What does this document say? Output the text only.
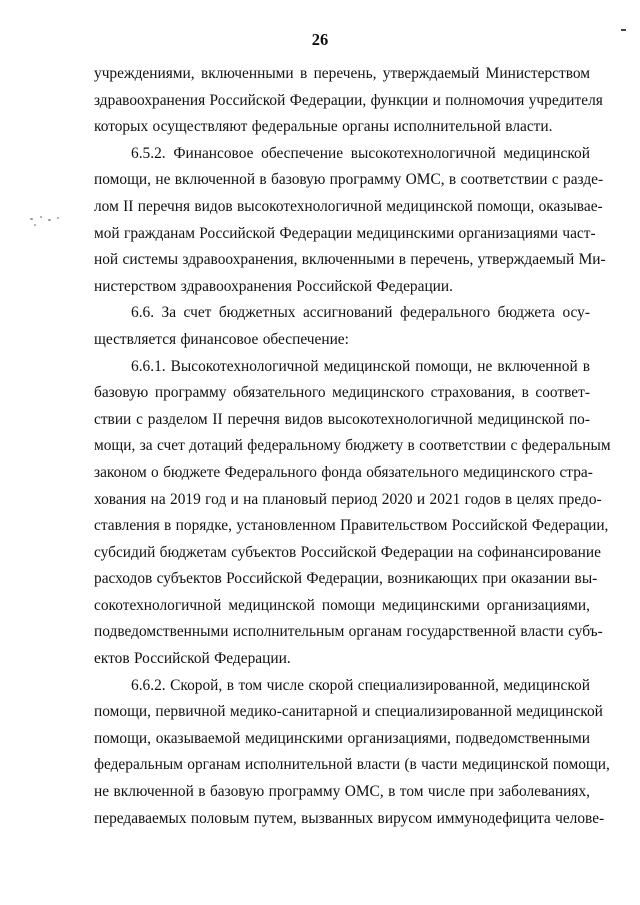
26

учреждениями, включенными в перечень, утверждаемый Министерством
здравоохранения Российской Федерации, функции и полномочия учредителя
которых осуществляют федеральные органы исполнительной власти.

6.5.2. Финансовое обеспечение высокотехнологичной медицинской
помощи, не включенной в базовую программу ОМС, в соответствии с разде-
лом II перечня видов высокотехнологичной медицинской помощи, оказывае-
мой гражданам Российской Федерации медицинскими организациями част-
ной системы здравоохранения, включенными в перечень, утверждаемый Ми-
нистерством здравоохранения Российской Федерации.

6.6. За счет бюджетных ассигнований федерального бюджета осу-
ществляется финансовое обеспечение:

6.6.1. Высокотехнологичной медицинской помощи, не включенной в
базовую программу обязательного медицинского страхования, в соответ-
ствии с разделом II перечня видов высокотехнологичной медицинской по-
мощи, за счет дотаций федеральному бюджету в соответствии с федеральным
законом о бюджете Федерального фонда обязательного медицинского стра-
хования на 2019 год и на плановый период 2020 и 2021 годов в целях предо-
ставления в порядке, установленном Правительством Российской Федерации,
субсидий бюджетам субъектов Российской Федерации на софинансирование
расходов субъектов Российской Федерации, возникающих при оказании вы-
сокотехнологичной медицинской помощи медицинскими организациями,
подведомственными исполнительным органам государственной власти субъ-
ектов Российской Федерации.

6.6.2. Скорой, в том числе скорой специализированной, медицинской
помощи, первичной медико-санитарной и специализированной медицинской
помощи, оказываемой медицинскими организациями, подведомственными
федеральным органам исполнительной власти (в части медицинской помощи,
не включенной в базовую программу ОМС, в том числе при заболеваниях,
передаваемых половым путем, вызванных вирусом иммунодефицита челове-
